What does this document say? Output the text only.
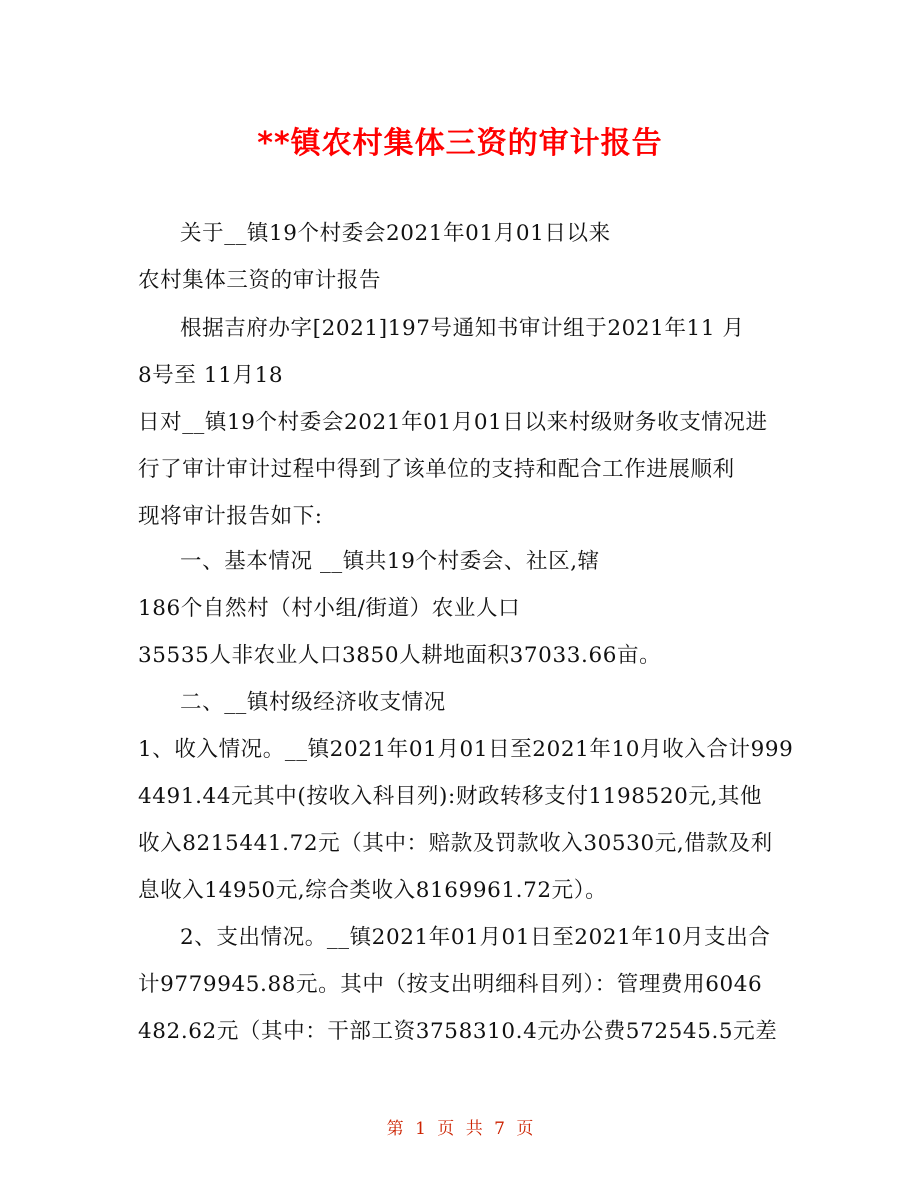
**镇农村集体三资的审计报告
关于__镇19个村委会2021年01月01日以来
农村集体三资的审计报告
根据吉府办字[2021]197号通知书审计组于2021年11 月
8号至 11月18
日对__镇19个村委会2021年01月01日以来村级财务收支情况进
行了审计审计过程中得到了该单位的支持和配合工作进展顺利
现将审计报告如下:
一、基本情况 __镇共19个村委会、社区,辖
186个自然村（村小组/街道）农业人口
35535人非农业人口3850人耕地面积37033.66亩。
二、__镇村级经济收支情况
1、收入情况。__镇2021年01月01日至2021年10月收入合计999
4491.44元其中(按收入科目列):财政转移支付1198520元,其他
收入8215441.72元（其中：赔款及罚款收入30530元,借款及利
息收入14950元,综合类收入8169961.72元）。
2、支出情况。__镇2021年01月01日至2021年10月支出合
计9779945.88元。其中（按支出明细科目列）：管理费用6046
482.62元（其中：干部工资3758310.4元办公费572545.5元差
第 1 页 共 7 页
